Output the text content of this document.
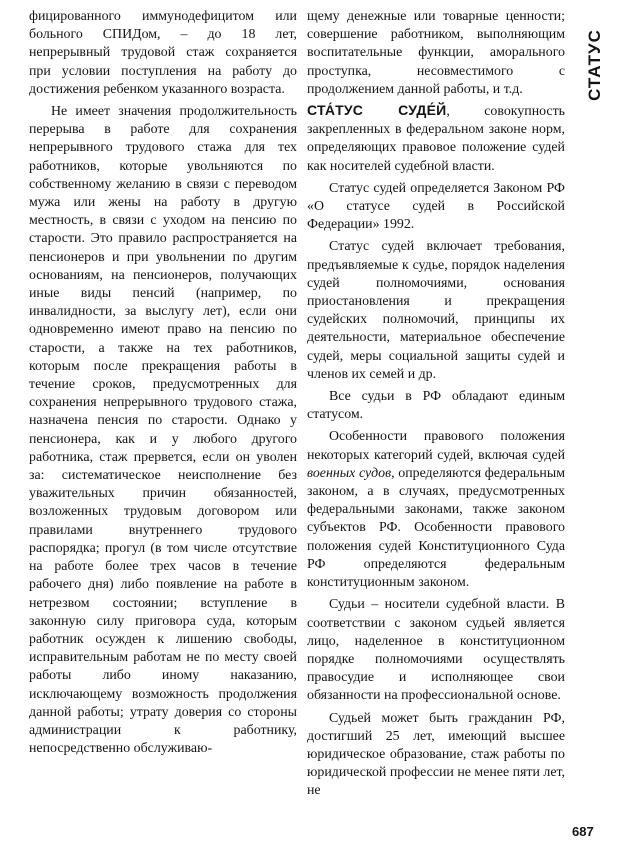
фицированного иммунодефицитом или больного СПИДом, – до 18 лет, непрерывный трудовой стаж сохраняется при условии поступления на работу до достижения ребенком указанного возраста.

Не имеет значения продолжительность перерыва в работе для сохранения непрерывного трудового стажа для тех работников, которые увольняются по собственному желанию в связи с переводом мужа или жены на работу в другую местность, в связи с уходом на пенсию по старости. Это правило распространяется на пенсионеров и при увольнении по другим основаниям, на пенсионеров, получающих иные виды пенсий (например, по инвалидности, за выслугу лет), если они одновременно имеют право на пенсию по старости, а также на тех работников, которым после прекращения работы в течение сроков, предусмотренных для сохранения непрерывного трудового стажа, назначена пенсия по старости. Однако у пенсионера, как и у любого другого работника, стаж прервется, если он уволен за: систематическое неисполнение без уважительных причин обязанностей, возложенных трудовым договором или правилами внутреннего трудового распорядка; прогул (в том числе отсутствие на работе более трех часов в течение рабочего дня) либо появление на работе в нетрезвом состоянии; вступление в законную силу приговора суда, которым работник осужден к лишению свободы, исправительным работам не по месту своей работы либо иному наказанию, исключающему возможность продолжения данной работы; утрату доверия со стороны администрации к работнику, непосредственно обслуживаю-

щему денежные или товарные ценности; совершение работником, выполняющим воспитательные функции, аморального проступка, несовместимого с продолжением данной работы, и т.д.

СТА́ТУС СУДЕ́Й, совокупность закрепленных в федеральном законе норм, определяющих правовое положение судей как носителей судебной власти.

Статус судей определяется Законом РФ «О статусе судей в Российской Федерации» 1992.

Статус судей включает требования, предъявляемые к судье, порядок наделения судей полномочиями, основания приостановления и прекращения судейских полномочий, принципы их деятельности, материальное обеспечение судей, меры социальной защиты судей и членов их семей и др.

Все судьи в РФ обладают единым статусом.

Особенности правового положения некоторых категорий судей, включая судей военных судов, определяются федеральным законом, а в случаях, предусмотренных федеральными законами, также законом субъектов РФ. Особенности правового положения судей Конституционного Суда РФ определяются федеральным конституционным законом.

Судьи – носители судебной власти. В соответствии с законом судьей является лицо, наделенное в конституционном порядке полномочиями осуществлять правосудие и исполняющее свои обязанности на профессиональной основе.

Судьей может быть гражданин РФ, достигший 25 лет, имеющий высшее юридическое образование, стаж работы по юридической профессии не менее пяти лет, не

СТАТУС
687
